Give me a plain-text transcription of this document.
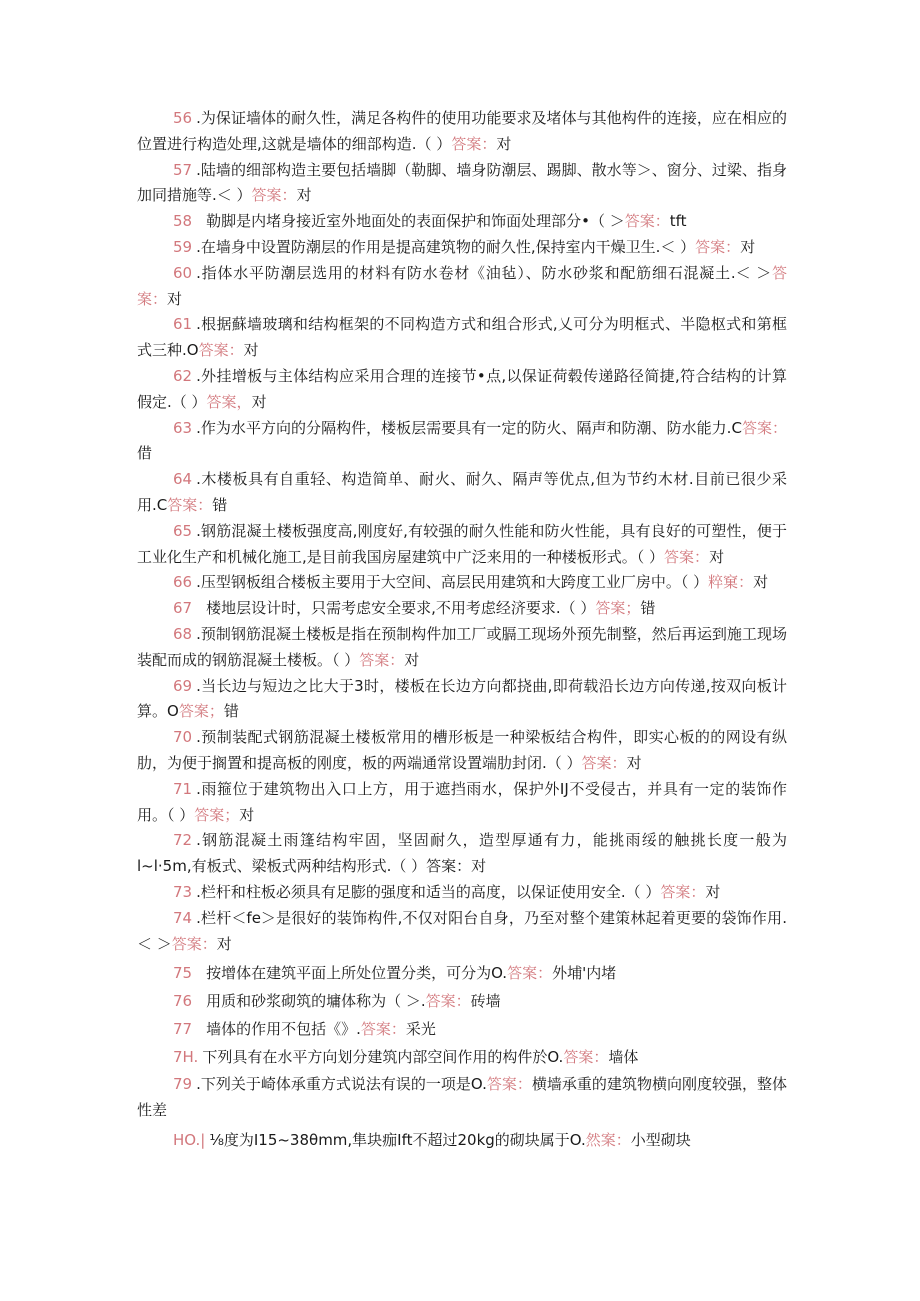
56 .为保证墙体的耐久性，满足各构件的使用功能要求及堵体与其他构件的连接，应在相应的位置进行构造处理,这就是墙体的细部构造.（ ）答案：对

57 .陆墙的细部构造主要包括墙脚（勒脚、墙身防潮层、踢脚、散水等＞、窗分、过梁、指身加同措施等.＜ ）答案：对

58 勒脚是内堵身接近室外地面处的表面保护和饰面处理部分•（ ＞答案：tft

59 .在墙身中设置防潮层的作用是提高建筑物的耐久性,保持室内干燥卫生.＜ ）答案：对

60 .指体水平防潮层选用的材料有防水卷材《油毡）、防水砂浆和配筋细石混凝土.＜ ＞答案：对

61 .根据蘇墙玻璃和结构框架的不同构造方式和组合形式,乂可分为明框式、半隐枢式和第框式三种.O答案：对

62 .外挂增板与主体结构应采用合理的连接节•点,以保证荷毂传递路径简捷,符合结构的计算假定.（ ）答案，对

63 .作为水平方向的分隔构件，楼板层需要具有一定的防火、隔声和防潮、防水能力.C答案：借

64 .木楼板具有自重轻、构造简单、耐火、耐久、隔声等优点,但为节约木材.目前已很少采用.C答案：错

65 .钢筋混凝土楼板强度高,刚度好,有较强的耐久性能和防火性能，具有良好的可塑性，便于工业化生产和机械化施工,是目前我国房屋建筑中广泛来用的一种楼板形式。（ ）答案：对

66 .压型钢板组合楼板主要用于大空间、高层民用建筑和大跨度工业厂房中。（ ）粹窠：对

67 楼地层设计时，只需考虑安全要求,不用考虑经济要求.（ ）答案；错

68 .预制钢筋混凝土楼板是指在预制构件加工厂或膈工现场外预先制整，然后再运到施工现场装配而成的钢筋混凝土楼板。（ ）答案：对

69 .当长边与短边之比大于3时，楼板在长边方向都挠曲,即荷载沿长边方向传递,按双向板计算。O答案；错

70 .预制装配式钢筋混凝土楼板常用的槽形板是一种梁板结合构件，即实心板的的网设有纵肋，为便于搁置和提高板的刚度，板的两端通常设置端肋封闭.（ ）答案：对

71 .雨箍位于建筑物出入口上方，用于遮挡雨水，保护外IJ不受侵古，并具有一定的装饰作用。（ ）答案；对

72 .钢筋混凝土雨篷结构牢固，坚固耐久，造型厚通有力，能挑雨绥的触挑长度一般为l~l·5m,有板式、梁板式两种结构形式.（ ）答案：对

73 .栏杆和柱板必须具有足膨的强度和适当的高度，以保证使用安全.（ ）答案：对

74 .栏杆＜fe＞是很好的装饰构件,不仅对阳台自身，乃至对整个建策林起着更要的袋饰作用.＜ ＞答案：对

75 按增体在建筑平面上所处位置分类，可分为O.答案：外埔'内堵

76 用质和砂浆砌筑的墉体称为（ ＞.答案：砖墙

77 墙体的作用不包括《》.答案：采光

7H. 下列具有在水平方向划分建筑内部空间作用的构件於O.答案：墙体

79 .下列关于崎体承重方式说法有误的一项是O.答案：横墙承重的建筑物横向刚度较强，整体性差

HO.| ⅛度为I15~38θmm,隼块痂Ift不超过20kg的砌块属于O.然案：小型砌块
